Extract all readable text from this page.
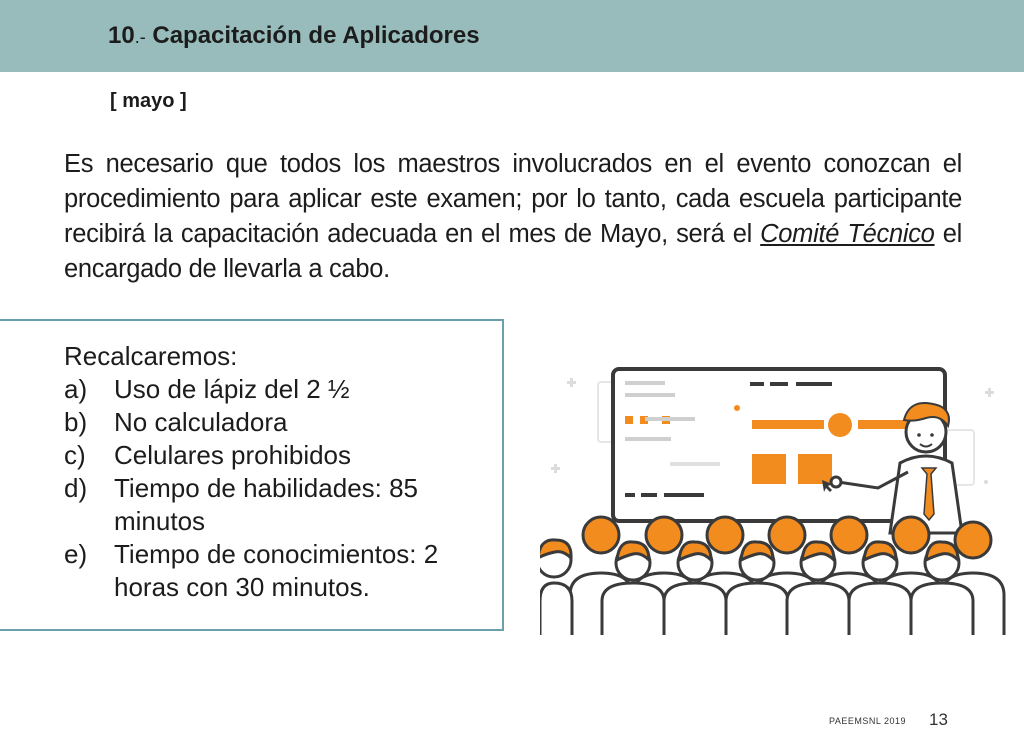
10.- Capacitación de Aplicadores
[ mayo ]

Es necesario que todos los maestros involucrados en el evento conozcan el procedimiento para aplicar este examen; por lo tanto, cada escuela participante recibirá la capacitación adecuada en el mes de Mayo, será el Comité Técnico el encargado de llevarla a cabo.

Recalcaremos:
a)	Uso de lápiz del 2 ½
b)	No calculadora
c)	Celulares prohibidos
d)	Tiempo de habilidades: 85 minutos
e)	Tiempo de conocimientos: 2 horas con 30 minutos.
PAEEMSNL 2019 13
